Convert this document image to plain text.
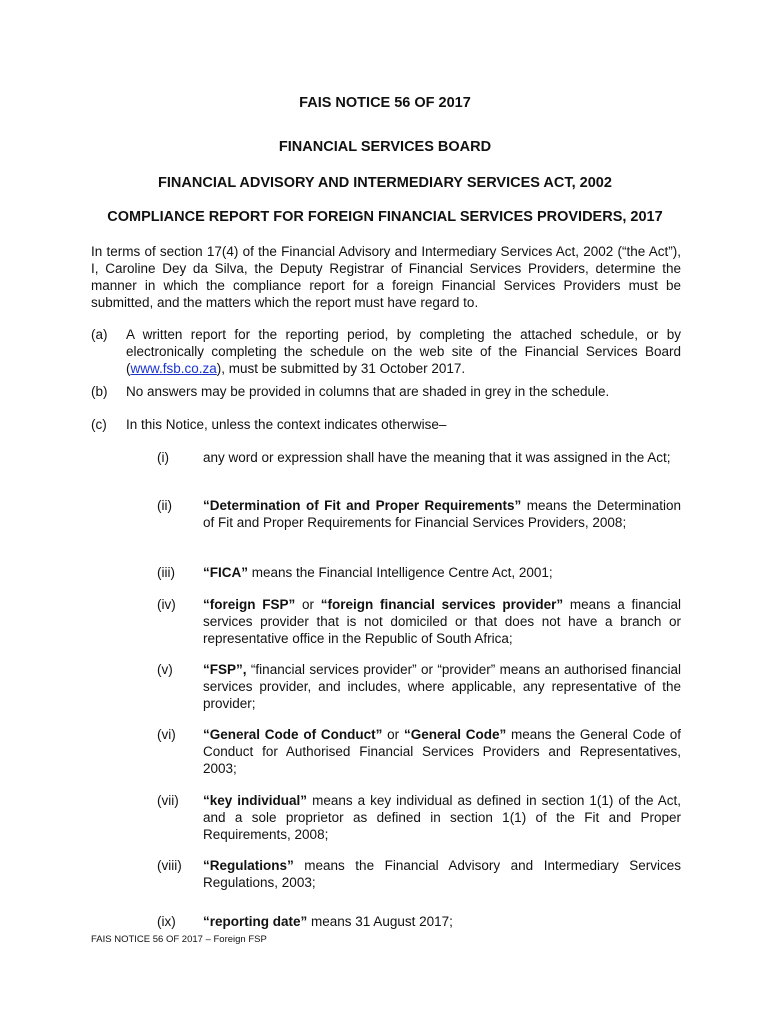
FAIS NOTICE 56 OF 2017
FINANCIAL SERVICES BOARD
FINANCIAL ADVISORY AND INTERMEDIARY SERVICES ACT, 2002
COMPLIANCE REPORT FOR FOREIGN FINANCIAL SERVICES PROVIDERS, 2017

In terms of section 17(4) of the Financial Advisory and Intermediary Services Act, 2002 (“the Act”), I, Caroline Dey da Silva, the Deputy Registrar of Financial Services Providers, determine the manner in which the compliance report for a foreign Financial Services Providers must be submitted, and the matters which the report must have regard to.

(a) A written report for the reporting period, by completing the attached schedule, or by electronically completing the schedule on the web site of the Financial Services Board (www.fsb.co.za), must be submitted by 31 October 2017.
(b) No answers may be provided in columns that are shaded in grey in the schedule.
(c) In this Notice, unless the context indicates otherwise–
(i)	any word or expression shall have the meaning that it was assigned in the Act;
(ii) “Determination of Fit and Proper Requirements” means the Determination of Fit and Proper Requirements for Financial Services Providers, 2008;
(iii) “FICA” means the Financial Intelligence Centre Act, 2001;
(iv) “foreign FSP” or “foreign financial services provider” means a financial services provider that is not domiciled or that does not have a branch or representative office in the Republic of South Africa;
(v) “FSP”, “financial services provider” or “provider” means an authorised financial services provider, and includes, where applicable, any representative of the provider;
(vi) “General Code of Conduct” or “General Code” means the General Code of Conduct for Authorised Financial Services Providers and Representatives, 2003;
(vii) “key individual” means a key individual as defined in section 1(1) of the Act, and a sole proprietor as defined in section 1(1) of the Fit and Proper Requirements, 2008;
(viii) “Regulations” means the Financial Advisory and Intermediary Services Regulations, 2003;
(ix) “reporting date” means 31 August 2017;
FAIS NOTICE 56 OF 2017 – Foreign FSP
